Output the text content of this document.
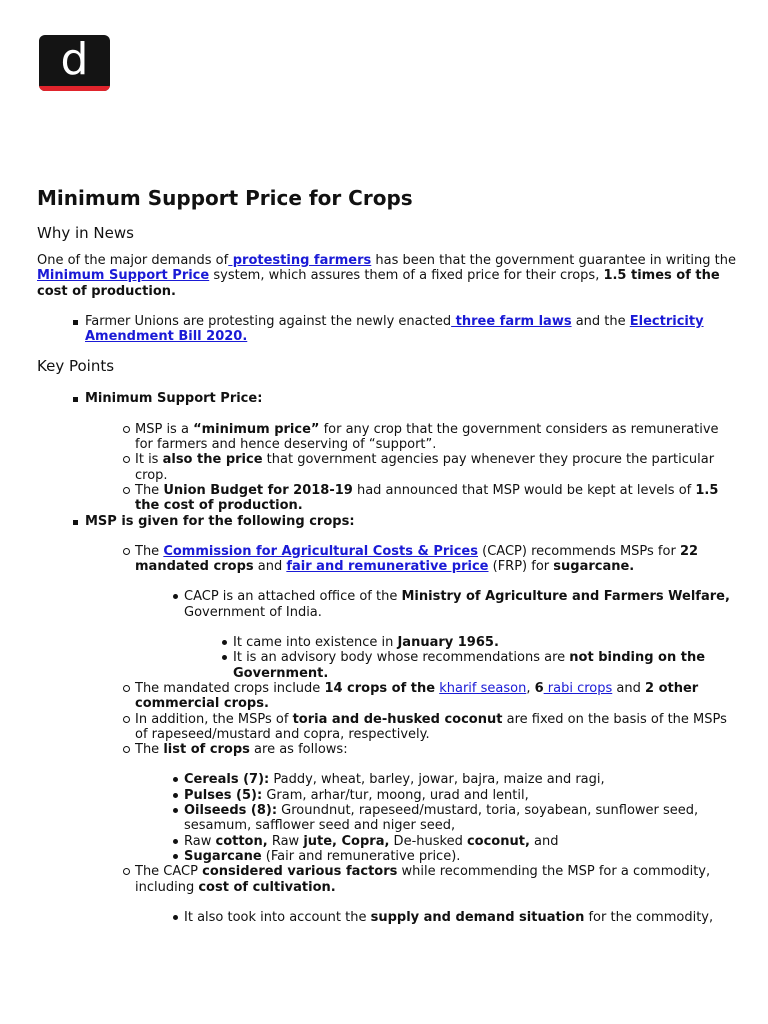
d
Minimum Support Price for Crops
Why in News

One of the major demands of protesting farmers has been that the government guarantee in writing the Minimum Support Price system, which assures them of a fixed price for their crops, 1.5 times of the cost of production.

Farmer Unions are protesting against the newly enacted three farm laws and the Electricity Amendment Bill 2020.
Key Points
Minimum Support Price:
MSP is a “minimum price” for any crop that the government considers as remunerative for farmers and hence deserving of “support”.
It is also the price that government agencies pay whenever they procure the particular crop.
The Union Budget for 2018-19 had announced that MSP would be kept at levels of 1.5 the cost of production.
MSP is given for the following crops:
The Commission for Agricultural Costs & Prices (CACP) recommends MSPs for 22 mandated crops and fair and remunerative price (FRP) for sugarcane.
CACP is an attached office of the Ministry of Agriculture and Farmers Welfare, Government of India.
It came into existence in January 1965.
It is an advisory body whose recommendations are not binding on the Government.
The mandated crops include 14 crops of the kharif season, 6 rabi crops and 2 other commercial crops.
In addition, the MSPs of toria and de-husked coconut are fixed on the basis of the MSPs of rapeseed/mustard and copra, respectively.
The list of crops are as follows:
Cereals (7): Paddy, wheat, barley, jowar, bajra, maize and ragi,
Pulses (5): Gram, arhar/tur, moong, urad and lentil,
Oilseeds (8): Groundnut, rapeseed/mustard, toria, soyabean, sunflower seed, sesamum, safflower seed and niger seed,
Raw cotton, Raw jute, Copra, De-husked coconut, and
Sugarcane (Fair and remunerative price).
The CACP considered various factors while recommending the MSP for a commodity, including cost of cultivation.
It also took into account the supply and demand situation for the commodity,
